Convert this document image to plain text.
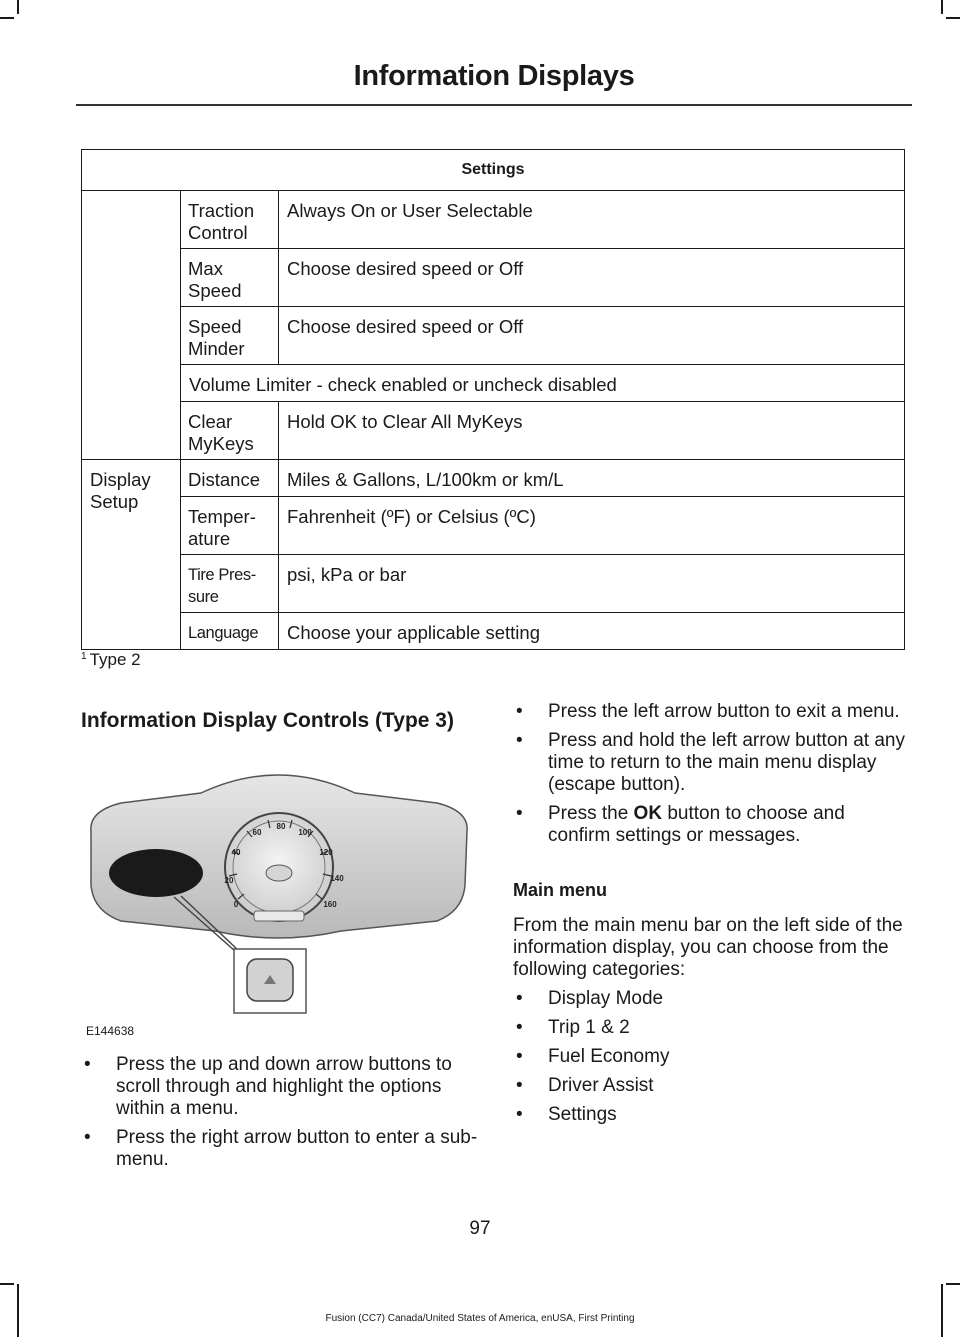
Information Displays
Settings		
	Traction Control	Always On or User Selectable
	Max Speed	Choose desired speed or Off
	Speed Minder	Choose desired speed or Off
	Volume Limiter - check enabled or uncheck disabled	
	Clear MyKeys	Hold OK to Clear All MyKeys
Display Setup	Distance	Miles & Gallons, L/100km or km/L
	Temper-ature	Fahrenheit (ºF) or Celsius (ºC)
	Tire Pres-sure	psi, kPa or bar
	Language	Choose your applicable setting
$^1$ Type 2
Information Display Controls (Type 3)
0
20
40
60
80
100
120
140
160
E144638
• Press the up and down arrow buttons to scroll through and highlight the options within a menu.
• Press the right arrow button to enter a sub-menu.
• Press the left arrow button to exit a menu.
• Press and hold the left arrow button at any time to return to the main menu display (escape button).
• Press the OK button to choose and confirm settings or messages.
Main menu
From the main menu bar on the left side of the information display, you can choose from the following categories:
• Display Mode
• Trip 1 & 2
• Fuel Economy
• Driver Assist
• Settings
97
Fusion (CC7) Canada/United States of America, enUSA, First Printing
